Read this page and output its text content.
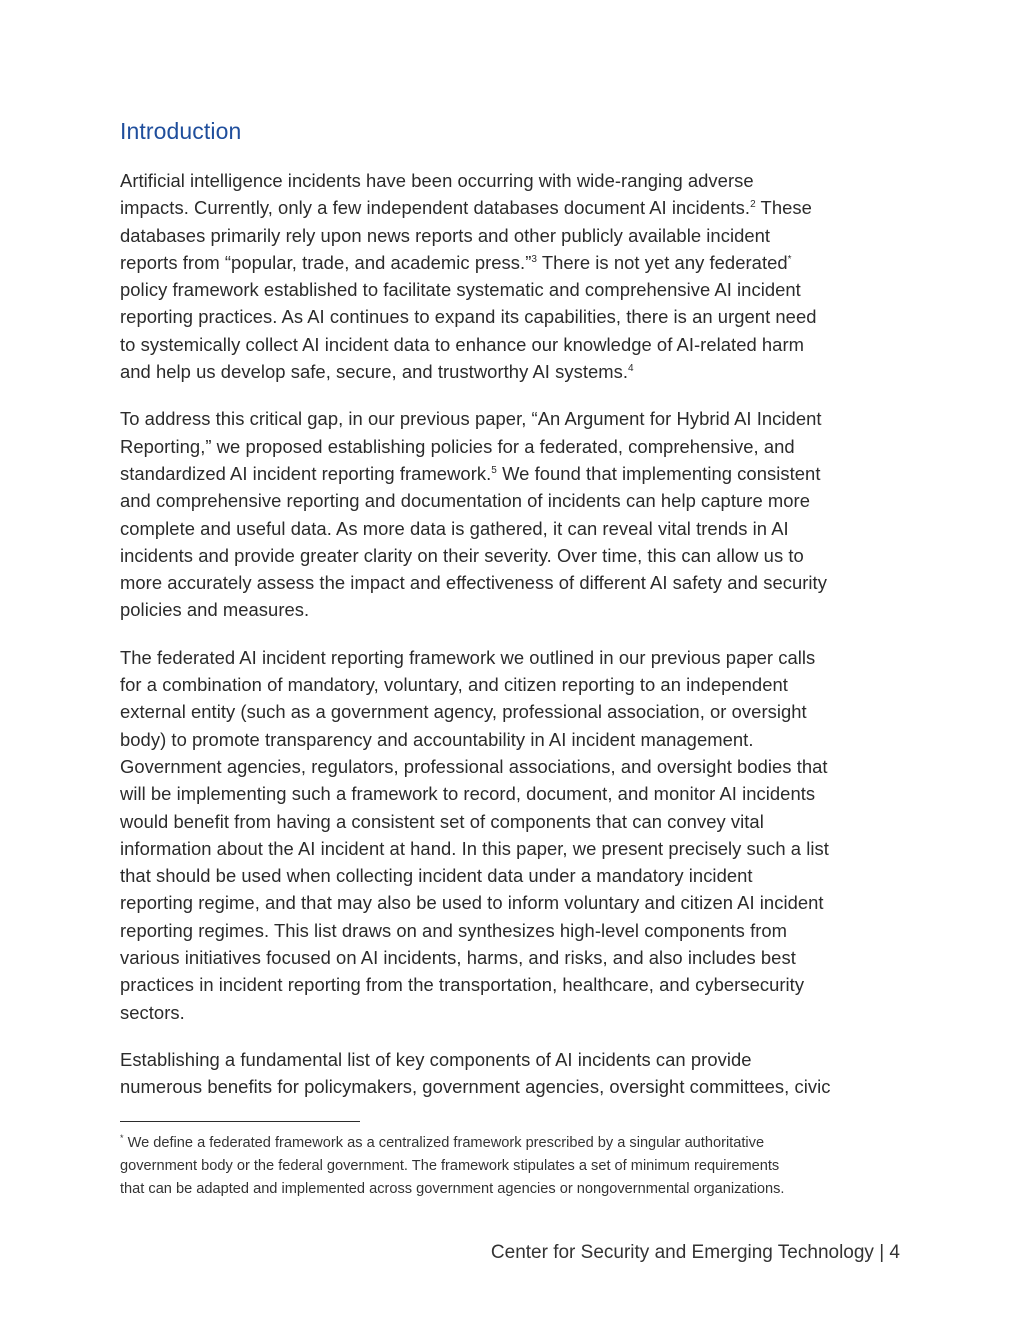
Introduction

Artificial intelligence incidents have been occurring with wide-ranging adverse
impacts. Currently, only a few independent databases document AI incidents.$^2$ These
databases primarily rely upon news reports and other publicly available incident
reports from “popular, trade, and academic press.”$^3$ There is not yet any federated*
policy framework established to facilitate systematic and comprehensive AI incident
reporting practices. As AI continues to expand its capabilities, there is an urgent need
to systemically collect AI incident data to enhance our knowledge of AI-related harm
and help us develop safe, secure, and trustworthy AI systems.$^4$

To address this critical gap, in our previous paper, “An Argument for Hybrid AI Incident
Reporting,” we proposed establishing policies for a federated, comprehensive, and
standardized AI incident reporting framework.$^5$ We found that implementing consistent
and comprehensive reporting and documentation of incidents can help capture more
complete and useful data. As more data is gathered, it can reveal vital trends in AI
incidents and provide greater clarity on their severity. Over time, this can allow us to
more accurately assess the impact and effectiveness of different AI safety and security
policies and measures.

The federated AI incident reporting framework we outlined in our previous paper calls
for a combination of mandatory, voluntary, and citizen reporting to an independent
external entity (such as a government agency, professional association, or oversight
body) to promote transparency and accountability in AI incident management.
Government agencies, regulators, professional associations, and oversight bodies that
will be implementing such a framework to record, document, and monitor AI incidents
would benefit from having a consistent set of components that can convey vital
information about the AI incident at hand. In this paper, we present precisely such a list
that should be used when collecting incident data under a mandatory incident
reporting regime, and that may also be used to inform voluntary and citizen AI incident
reporting regimes. This list draws on and synthesizes high-level components from
various initiatives focused on AI incidents, harms, and risks, and also includes best
practices in incident reporting from the transportation, healthcare, and cybersecurity
sectors.

Establishing a fundamental list of key components of AI incidents can provide
numerous benefits for policymakers, government agencies, oversight committees, civic

* We define a federated framework as a centralized framework prescribed by a singular authoritative
government body or the federal government. The framework stipulates a set of minimum requirements
that can be adapted and implemented across government agencies or nongovernmental organizations.
Center for Security and Emerging Technology | 4
